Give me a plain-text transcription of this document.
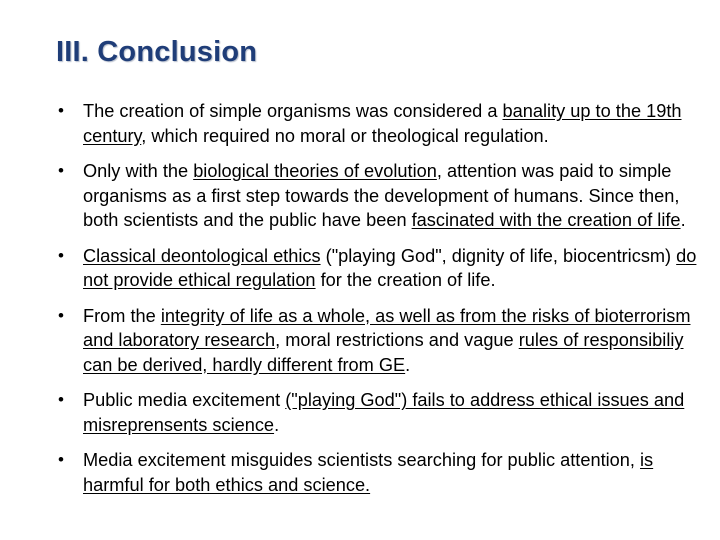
III. Conclusion
• The creation of simple organisms was considered a banality up to the 19th century, which required no moral or theological regulation.
• Only with the biological theories of evolution, attention was paid to simple organisms as a first step towards the development of humans. Since then, both scientists and the public have been fascinated with the creation of life.
• Classical deontological ethics ("playing God", dignity of life, biocentricsm) do not provide ethical regulation for the creation of life.
• From the integrity of life as a whole, as well as from the risks of bioterrorism and laboratory research, moral restrictions and vague rules of responsibiliy can be derived, hardly different from GE.
• Public media excitement ("playing God") fails to address ethical issues and misreprensents science.
• Media excitement misguides scientists searching for public attention, is harmful for both ethics and science.
